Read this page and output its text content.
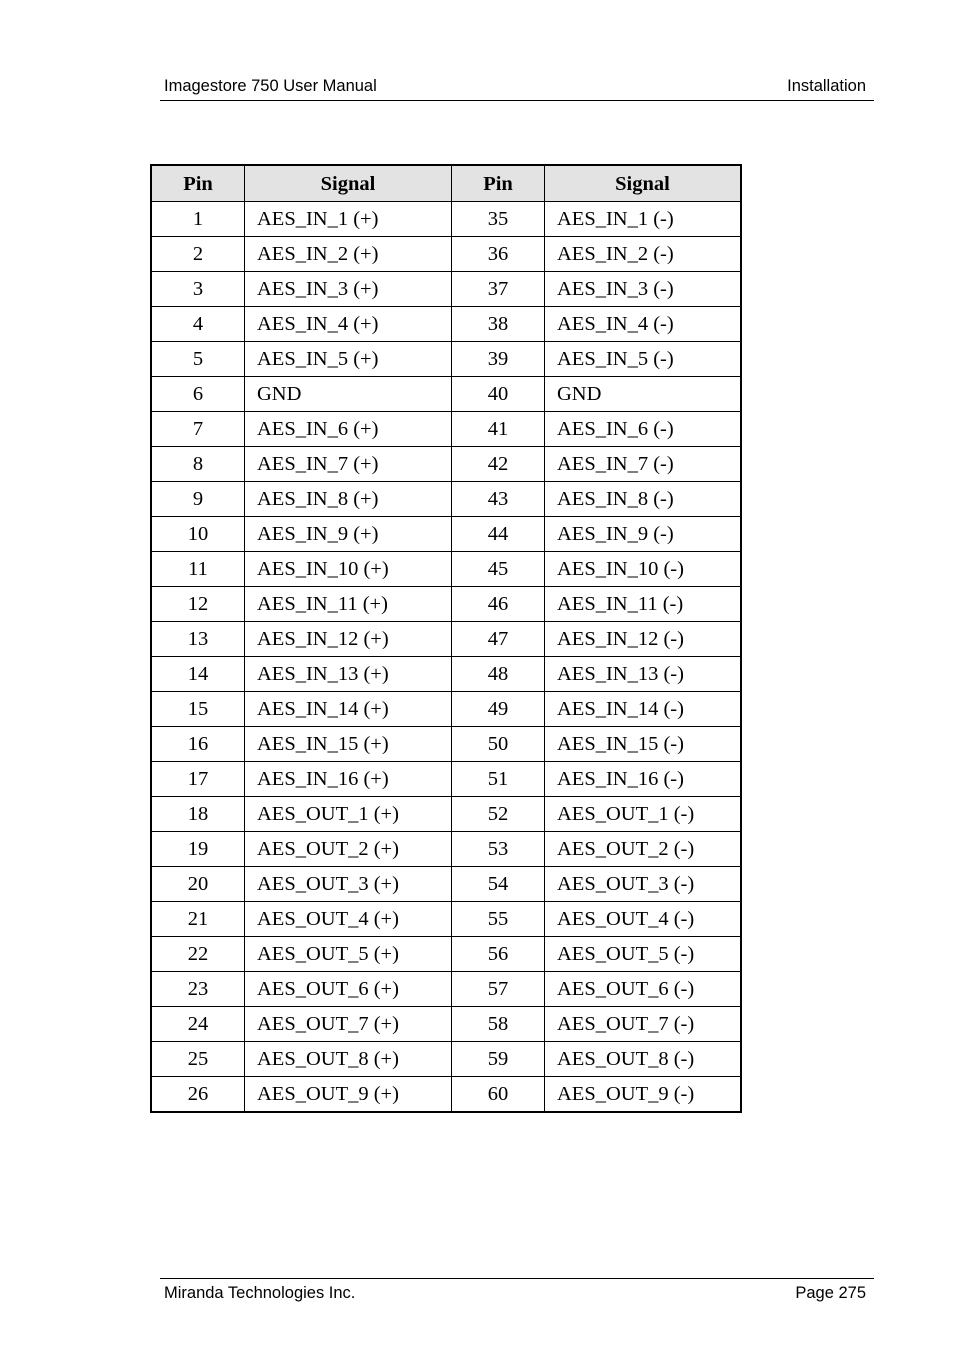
Imagestore 750 User Manual	Installation
Pin	Signal	Pin	Signal
1	AES_IN_1 (+)	35	AES_IN_1 (-)
2	AES_IN_2 (+)	36	AES_IN_2 (-)
3	AES_IN_3 (+)	37	AES_IN_3 (-)
4	AES_IN_4 (+)	38	AES_IN_4 (-)
5	AES_IN_5 (+)	39	AES_IN_5 (-)
6	GND	40	GND
7	AES_IN_6 (+)	41	AES_IN_6 (-)
8	AES_IN_7 (+)	42	AES_IN_7 (-)
9	AES_IN_8 (+)	43	AES_IN_8 (-)
10	AES_IN_9 (+)	44	AES_IN_9 (-)
11	AES_IN_10 (+)	45	AES_IN_10 (-)
12	AES_IN_11 (+)	46	AES_IN_11 (-)
13	AES_IN_12 (+)	47	AES_IN_12 (-)
14	AES_IN_13 (+)	48	AES_IN_13 (-)
15	AES_IN_14 (+)	49	AES_IN_14 (-)
16	AES_IN_15 (+)	50	AES_IN_15 (-)
17	AES_IN_16 (+)	51	AES_IN_16 (-)
18	AES_OUT_1 (+)	52	AES_OUT_1 (-)
19	AES_OUT_2 (+)	53	AES_OUT_2 (-)
20	AES_OUT_3 (+)	54	AES_OUT_3 (-)
21	AES_OUT_4 (+)	55	AES_OUT_4 (-)
22	AES_OUT_5 (+)	56	AES_OUT_5 (-)
23	AES_OUT_6 (+)	57	AES_OUT_6 (-)
24	AES_OUT_7 (+)	58	AES_OUT_7 (-)
25	AES_OUT_8 (+)	59	AES_OUT_8 (-)
26	AES_OUT_9 (+)	60	AES_OUT_9 (-)
Miranda Technologies Inc.	Page 275
